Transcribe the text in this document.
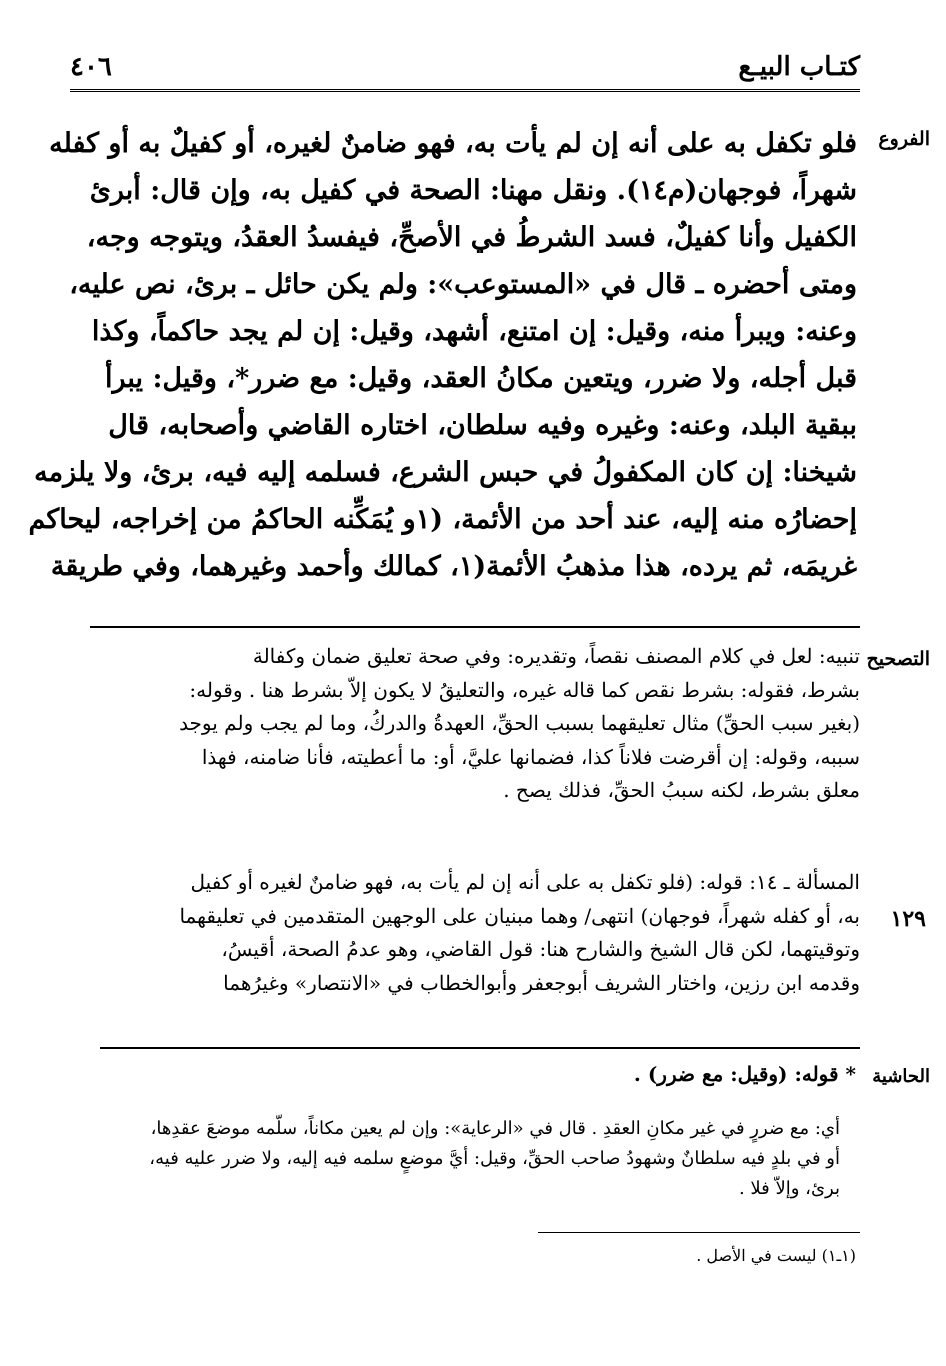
٤٠٦	كتـاب البيـع
الفروع
فلو تكفل به على أنه إن لم يأت به، فهو ضامنٌ لغيره، أو كفيلٌ به أو كفله
شهراً، فوجهان(م١٤). ونقل مهنا: الصحة في كفيل به، وإن قال: أبرئ
الكفيل وأنا كفيلٌ، فسد الشرطُ في الأصحِّ، فيفسدُ العقدُ، ويتوجه وجه،
ومتى أحضره ـ قال في «المستوعب»: ولم يكن حائل ـ برئ، نص عليه،
وعنه: ويبرأ منه، وقيل: إن امتنع، أشهد، وقيل: إن لم يجد حاكماً، وكذا
قبل أجله، ولا ضرر، ويتعين مكانُ العقد، وقيل: مع ضرر*، وقيل: يبرأ
ببقية البلد، وعنه: وغيره وفيه سلطان، اختاره القاضي وأصحابه، قال
شيخنا: إن كان المكفولُ في حبس الشرع، فسلمه إليه فيه، برئ، ولا يلزمه
إحضارُه منه إليه، عند أحد من الأئمة، (١و يُمَكِّنه الحاكمُ من إخراجه، ليحاكم
غريمَه، ثم يرده، هذا مذهبُ الأئمة(١، كمالك وأحمد وغيرهما، وفي طريقة
التصحيح
تنبيه: لعل في كلام المصنف نقصاً، وتقديره: وفي صحة تعليق ضمان وكفالة
بشرط، فقوله: بشرط نقص كما قاله غيره، والتعليقُ لا يكون إلاّ بشرط هنا . وقوله:
(بغير سبب الحقِّ) مثال تعليقهما بسبب الحقِّ، العهدةُ والدركُ، وما لم يجب ولم يوجد
سببه، وقوله: إن أقرضت فلاناً كذا، فضمانها عليَّ، أو: ما أعطيته، فأنا ضامنه، فهذا
معلق بشرط، لكنه سببُ الحقِّ، فذلك يصح .
المسألة ـ ١٤: قوله: (فلو تكفل به على أنه إن لم يأت به، فهو ضامنٌ لغيره أو كفيل
به، أو كفله شهراً، فوجهان) انتهى/ وهما مبنيان على الوجهين المتقدمين في تعليقهما
وتوقيتهما، لكن قال الشيخ والشارح هنا: قول القاضي، وهو عدمُ الصحة، أقيسُ،
وقدمه ابن رزين، واختار الشريف أبوجعفر وأبوالخطاب في «الانتصار» وغيرُهما
١٢٩
الحاشية
* قوله: (وقيل: مع ضرر) .
أي: مع ضررٍ في غير مكانِ العقدِ . قال في «الرعاية»: وإن لم يعين مكاناً، سلّمه موضعَ عقدِها،
أو في بلدٍ فيه سلطانٌ وشهودُ صاحب الحقِّ، وقيل: أيَّ موضعٍ سلمه فيه إليه، ولا ضرر عليه فيه،
برئ، وإلاّ فلا .
(١ـ١) ليست في الأصل .
